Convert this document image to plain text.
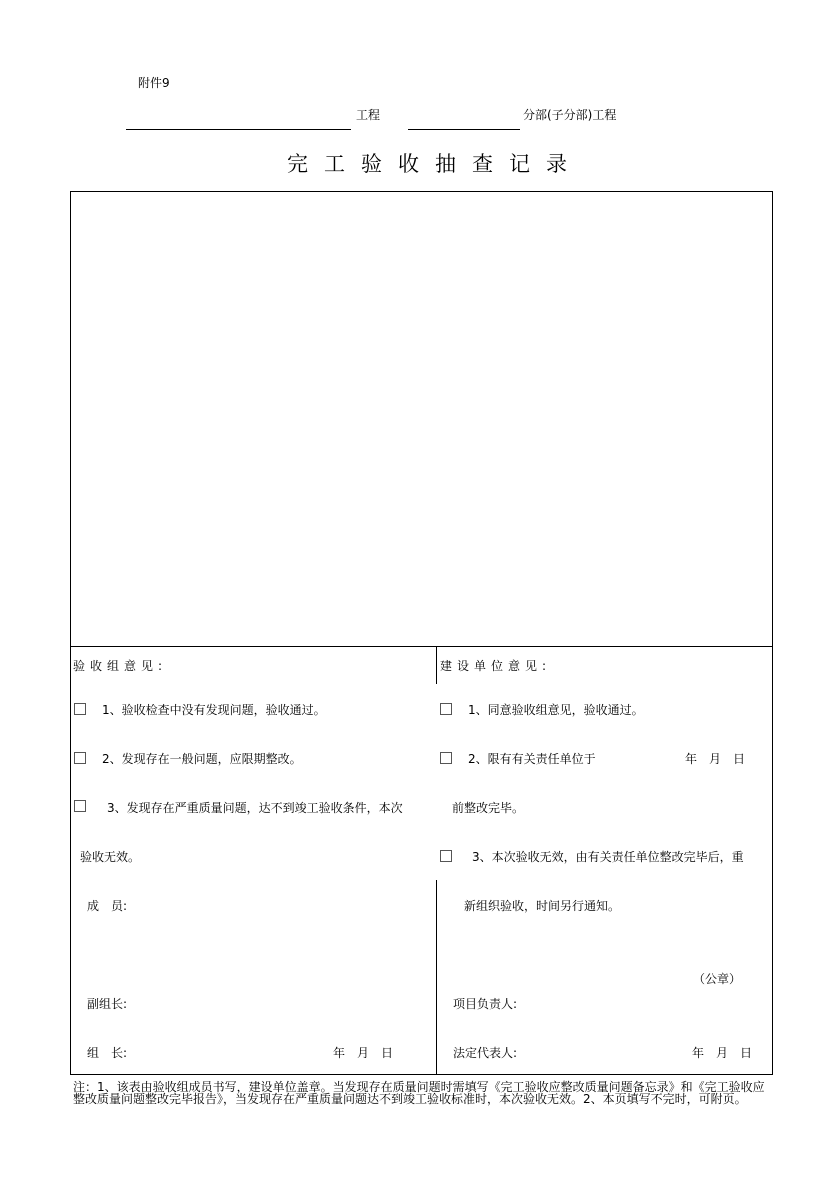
附件9
工程	分部(子分部)工程
完工验收抽查记录
验收组意见:
1、验收检查中没有发现问题，验收通过。
2、发现存在一般问题，应限期整改。
3、发现存在严重质量问题，达不到竣工验收条件，本次
验收无效。
成　员:
副组长:
组　长:	年　月　日
建设单位意见:
1、同意验收组意见，验收通过。
2、限有有关责任单位于	年　月　日
前整改完毕。
3、本次验收无效，由有关责任单位整改完毕后，重
新组织验收，时间另行通知。
（公章）
项目负责人:
法定代表人:	年　月　日
注：1、该表由验收组成员书写，建设单位盖章。当发现存在质量问题时需填写《完工验收应整改质量问题备忘录》和《完工验收应整改质量问题整改完毕报告》，当发现存在严重质量问题达不到竣工验收标准时，本次验收无效。2、本页填写不完时，可附页。
